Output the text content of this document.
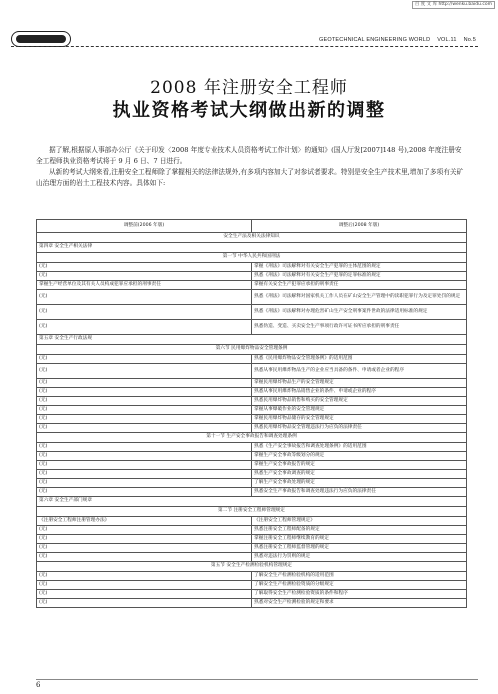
百 度 文 库 http://wenku.baidu.com
GEOTECHNICAL ENGINEERING WORLD VOL.11 No.5
2008 年注册安全工程师
执业资格考试大纲做出新的调整

据了解,根据原人事部办公厅《关于印发〈2008 年度专业技术人员资格考试工作计划〉的通知》(国人厅发[2007]148 号),2008 年度注册安全工程师执业资格考试将于 9 月 6 日、7 日进行。

从新的考试大纲来看,注册安全工程师除了掌握相关的法律法规外,有多项内容加大了对参试者要求。特别是安全生产技术里,增加了多项有关矿山治理方面的岩土工程技术内容。具体如下:

调整前(2006 年版)	调整后(2008 年版)
安全生产法及相关法律知识	
第四章 安全生产相关法律	
第一节 中华人民共和国刑法	
(无)	掌握《刑法》司法解释对有关安全生产犯罪的主体范围的规定
(无)	熟悉《刑法》司法解释对有关安全生产犯罪的定罪标准的规定
掌握生产经营单位及其有关人员构成犯罪应承担的刑事责任	掌握有关安全生产犯罪应承担的刑事责任
(无)	熟悉《刑法》司法解释对国家机关工作人员在矿山安全生产管理中的渎职犯罪行为及定罪处罚的规定
(无)	熟悉《刑法》司法解释对办理危害矿山生产安全刑事案件世故的法律适用标准的规定
(无)	熟悉伪造、变造、买卖安全生产事项行政许可证书所应承担的刑事责任
第五章 安全生产行政法规	
第六节 民用爆炸物品安全管理条例	
(无)	熟悉《民用爆炸物品安全管理条例》的适用范围
(无)	熟悉从事民用爆炸物品生产的企业应当具备的条件、申请或者企业的程序
(无)	掌握民用爆炸物品生产的安全管理规定
(无)	熟悉从事民用爆炸物品销售企业的条件、申请或企业的程序
(无)	熟悉民用爆炸物品销售和购买的安全管理规定
(无)	掌握从事爆破作业的安全管理规定
(无)	掌握民用爆炸物品储存的安全管理规定
(无)	熟悉民用爆炸物品安全管理违法行为应负的法律责任
第十一节 生产安全事故报告和调查处理条例	
(无)	熟悉《生产安全事故报告和调查处理条例》的适用范围
(无)	掌握生产安全事故等级划分的规定
(无)	掌握生产安全事故报告的规定
(无)	熟悉生产安全事故调查的规定
(无)	了解生产安全事故处理的规定
(无)	熟悉安全生产事故报告和调查处理违法行为应负的法律责任
第六章 安全生产部门规章	
第二节 注册安全工程师管理规定	
《注册安全工程师注册管理办法》	《注册安全工程师管理规定》
(无)	熟悉注册安全工程师配备的规定
(无)	掌握注册安全工程师继续教育的规定
(无)	熟悉注册安全工程师监督管理的规定
(无)	熟悉对违法行为罚则的规定
第五节 安全生产检测检验机构管理规定	
(无)	了解安全生产检测检验机构的适用范围
(无)	了解安全生产检测检验资质的分级规定
(无)	了解取得安全生产检测检验资质的条件和程序
(无)	熟悉对安全生产检测检验的规定和要求
6
